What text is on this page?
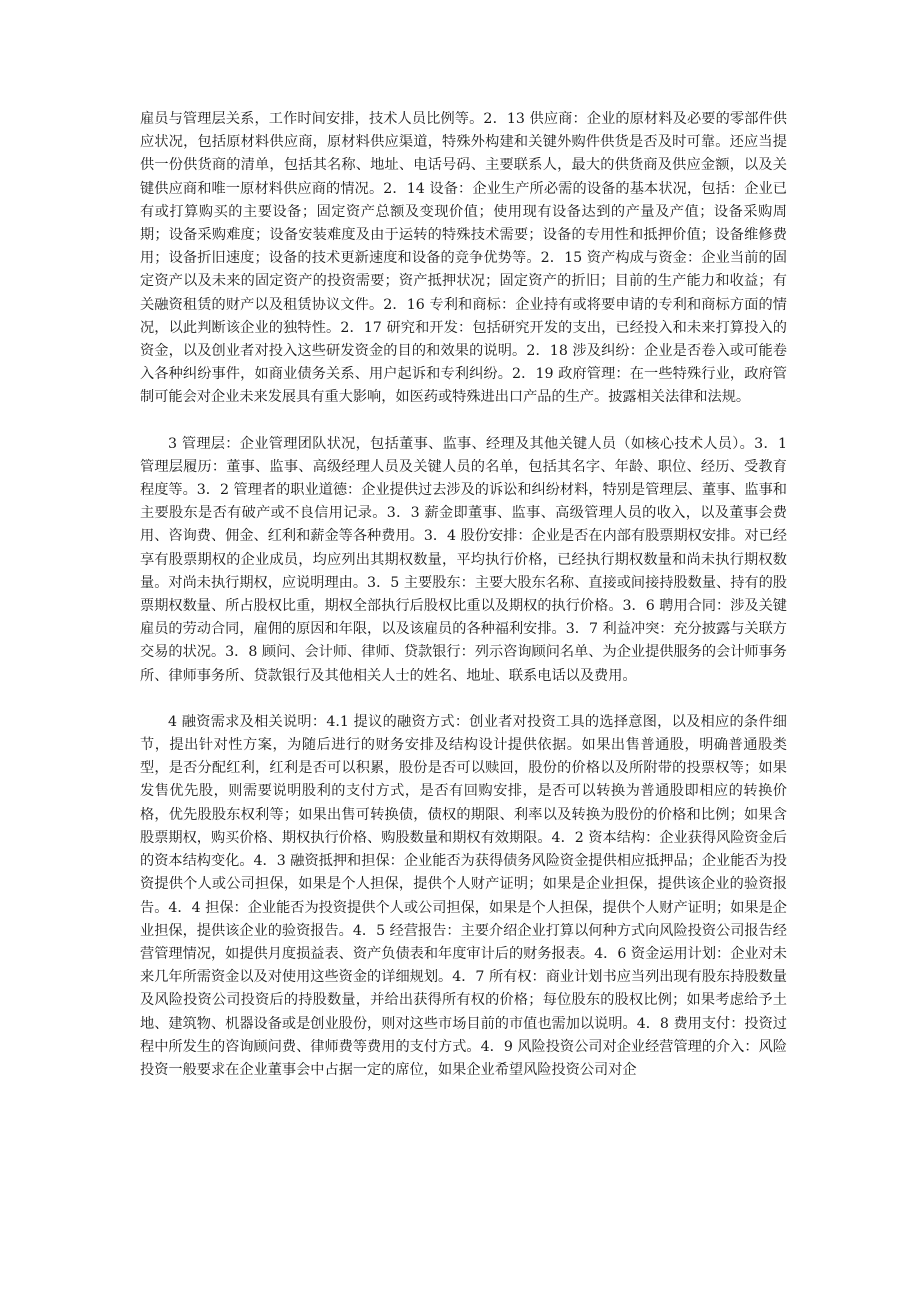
雇员与管理层关系，工作时间安排，技术人员比例等。2．13 供应商：企业的原材料及必要的零部件供应状况，包括原材料供应商，原材料供应渠道，特殊外构建和关键外购件供货是否及时可靠。还应当提供一份供货商的清单，包括其名称、地址、电话号码、主要联系人，最大的供货商及供应金额，以及关键供应商和唯一原材料供应商的情况。2．14 设备：企业生产所必需的设备的基本状况，包括：企业已有或打算购买的主要设备；固定资产总额及变现价值；使用现有设备达到的产量及产值；设备采购周期；设备采购难度；设备安装难度及由于运转的特殊技术需要；设备的专用性和抵押价值；设备维修费用；设备折旧速度；设备的技术更新速度和设备的竞争优势等。2．15 资产构成与资金：企业当前的固定资产以及未来的固定资产的投资需要；资产抵押状况；固定资产的折旧；目前的生产能力和收益；有关融资租赁的财产以及租赁协议文件。2．16 专利和商标：企业持有或将要申请的专利和商标方面的情况，以此判断该企业的独特性。2．17 研究和开发：包括研究开发的支出，已经投入和未来打算投入的资金，以及创业者对投入这些研发资金的目的和效果的说明。2．18 涉及纠纷：企业是否卷入或可能卷入各种纠纷事件，如商业债务关系、用户起诉和专利纠纷。2．19 政府管理：在一些特殊行业，政府管制可能会对企业未来发展具有重大影响，如医药或特殊进出口产品的生产。披露相关法律和法规。

3 管理层：企业管理团队状况，包括董事、监事、经理及其他关键人员（如核心技术人员）。3．1 管理层履历：董事、监事、高级经理人员及关键人员的名单，包括其名字、年龄、职位、经历、受教育程度等。3．2 管理者的职业道德：企业提供过去涉及的诉讼和纠纷材料，特别是管理层、董事、监事和主要股东是否有破产或不良信用记录。3．3 薪金即董事、监事、高级管理人员的收入，以及董事会费用、咨询费、佣金、红利和薪金等各种费用。3．4 股份安排：企业是否在内部有股票期权安排。对已经享有股票期权的企业成员，均应列出其期权数量，平均执行价格，已经执行期权数量和尚未执行期权数量。对尚未执行期权，应说明理由。3．5 主要股东：主要大股东名称、直接或间接持股数量、持有的股票期权数量、所占股权比重，期权全部执行后股权比重以及期权的执行价格。3．6 聘用合同：涉及关键雇员的劳动合同，雇佣的原因和年限，以及该雇员的各种福利安排。3．7 利益冲突：充分披露与关联方交易的状况。3．8 顾问、会计师、律师、贷款银行：列示咨询顾问名单、为企业提供服务的会计师事务所、律师事务所、贷款银行及其他相关人士的姓名、地址、联系电话以及费用。

4 融资需求及相关说明：4.1 提议的融资方式：创业者对投资工具的选择意图，以及相应的条件细节，提出针对性方案，为随后进行的财务安排及结构设计提供依据。如果出售普通股，明确普通股类型，是否分配红利，红利是否可以积累，股份是否可以赎回，股份的价格以及所附带的投票权等；如果发售优先股，则需要说明股利的支付方式，是否有回购安排，是否可以转换为普通股即相应的转换价格，优先股股东权利等；如果出售可转换债，债权的期限、利率以及转换为股份的价格和比例；如果含股票期权，购买价格、期权执行价格、购股数量和期权有效期限。4．2 资本结构：企业获得风险资金后的资本结构变化。4．3 融资抵押和担保：企业能否为获得债务风险资金提供相应抵押品；企业能否为投资提供个人或公司担保，如果是个人担保，提供个人财产证明；如果是企业担保，提供该企业的验资报告。4．4 担保：企业能否为投资提供个人或公司担保，如果是个人担保，提供个人财产证明；如果是企业担保，提供该企业的验资报告。4．5 经营报告：主要介绍企业打算以何种方式向风险投资公司报告经营管理情况，如提供月度损益表、资产负债表和年度审计后的财务报表。4．6 资金运用计划：企业对未来几年所需资金以及对使用这些资金的详细规划。4．7 所有权：商业计划书应当列出现有股东持股数量及风险投资公司投资后的持股数量，并给出获得所有权的价格；每位股东的股权比例；如果考虑给予土地、建筑物、机器设备或是创业股份，则对这些市场目前的市值也需加以说明。4．8 费用支付：投资过程中所发生的咨询顾问费、律师费等费用的支付方式。4．9 风险投资公司对企业经营管理的介入：风险投资一般要求在企业董事会中占据一定的席位，如果企业希望风险投资公司对企
